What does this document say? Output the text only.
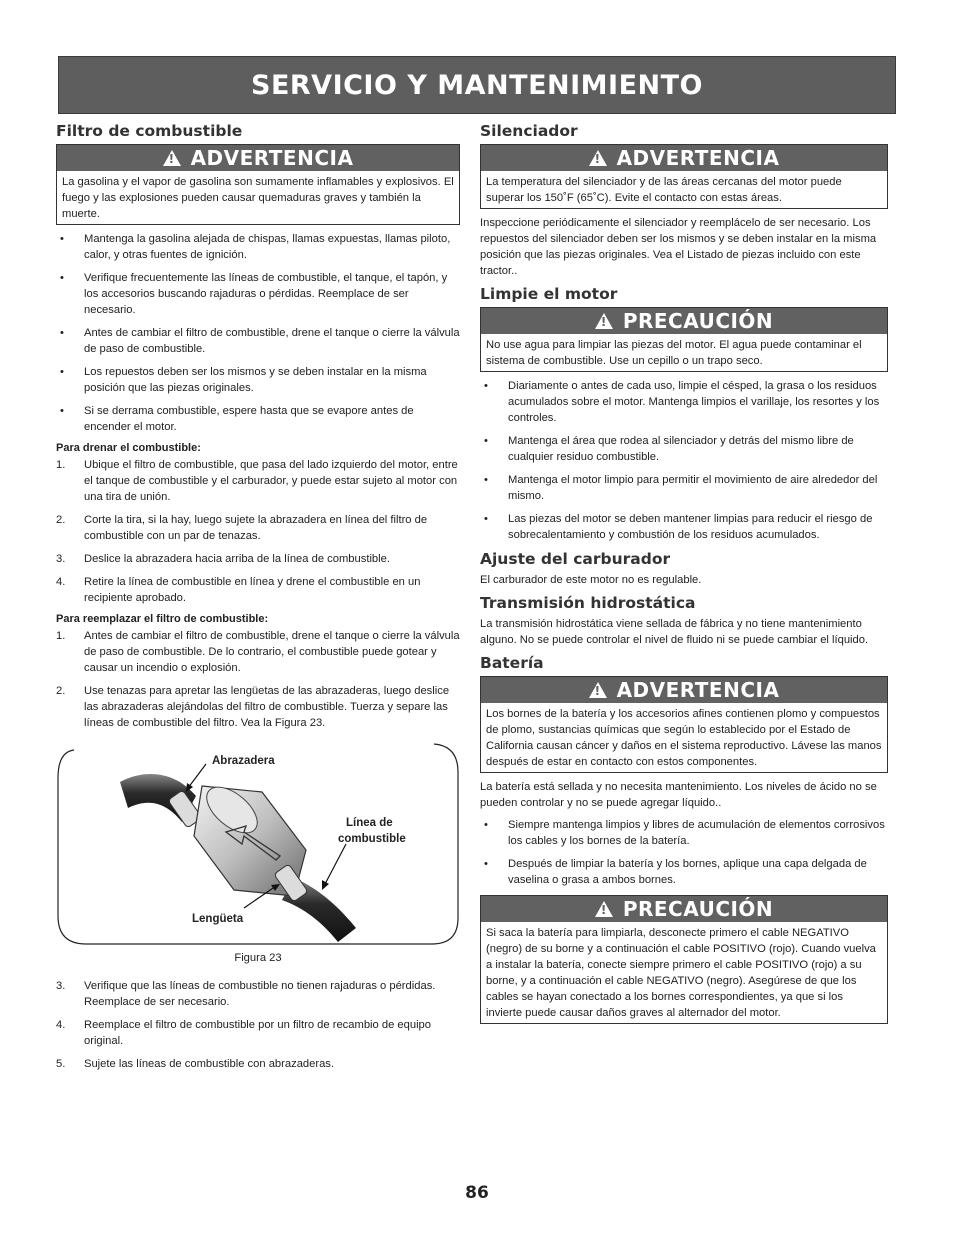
SERVICIO Y MANTENIMIENTO
Filtro de combustible
!
ADVERTENCIA
La gasolina y el vapor de gasolina son sumamente inflamables y explosivos. El fuego y las explosiones pueden causar quemaduras graves y también la muerte.
• Mantenga la gasolina alejada de chispas, llamas expuestas, llamas piloto, calor, y otras fuentes de ignición.
• Verifique frecuentemente las líneas de combustible, el tanque, el tapón, y los accesorios buscando rajaduras o pérdidas. Reemplace de ser necesario.
• Antes de cambiar el filtro de combustible, drene el tanque o cierre la válvula de paso de combustible.
• Los repuestos deben ser los mismos y se deben instalar en la misma posición que las piezas originales.
• Si se derrama combustible, espere hasta que se evapore antes de encender el motor.
Para drenar el combustible:
1. Ubique el filtro de combustible, que pasa del lado izquierdo del motor, entre el tanque de combustible y el carburador, y puede estar sujeto al motor con una tira de unión.
2. Corte la tira, si la hay, luego sujete la abrazadera en línea del filtro de combustible con un par de tenazas.
3. Deslice la abrazadera hacia arriba de la línea de combustible.
4. Retire la línea de combustible en línea y drene el combustible en un recipiente aprobado.
Para reemplazar el filtro de combustible:
1. Antes de cambiar el filtro de combustible, drene el tanque o cierre la válvula de paso de combustible. De lo contrario, el combustible puede gotear y causar un incendio o explosión.
2. Use tenazas para apretar las lengüetas de las abrazaderas, luego deslice las abrazaderas alejándolas del filtro de combustible. Tuerza y separe las líneas de combustible del filtro. Vea la Figura 23.
Abrazadera
Línea de
combustible
Lengüeta
Figura 23
3. Verifique que las líneas de combustible no tienen rajaduras o pérdidas. Reemplace de ser necesario.
4. Reemplace el filtro de combustible por un filtro de recambio de equipo original.
5. Sujete las líneas de combustible con abrazaderas.
Silenciador
!
ADVERTENCIA
La temperatura del silenciador y de las áreas cercanas del motor puede superar los 150˚F (65˚C). Evite el contacto con estas áreas.

Inspeccione periódicamente el silenciador y reemplácelo de ser necesario. Los repuestos del silenciador deben ser los mismos y se deben instalar en la misma posición que las piezas originales. Vea el Listado de piezas incluido con este tractor..

Limpie el motor
!
PRECAUCIÓN
No use agua para limpiar las piezas del motor. El agua puede contaminar el sistema de combustible. Use un cepillo o un trapo seco.
• Diariamente o antes de cada uso, limpie el césped, la grasa o los residuos acumulados sobre el motor. Mantenga limpios el varillaje, los resortes y los controles.
• Mantenga el área que rodea al silenciador y detrás del mismo libre de cualquier residuo combustible.
• Mantenga el motor limpio para permitir el movimiento de aire alrededor del mismo.
• Las piezas del motor se deben mantener limpias para reducir el riesgo de sobrecalentamiento y combustión de los residuos acumulados.
Ajuste del carburador

El carburador de este motor no es regulable.

Transmisión hidrostática

La transmisión hidrostática viene sellada de fábrica y no tiene mantenimiento alguno. No se puede controlar el nivel de fluido ni se puede cambiar el líquido.

Batería
!
ADVERTENCIA
Los bornes de la batería y los accesorios afines contienen plomo y compuestos de plomo, sustancias químicas que según lo establecido por el Estado de California causan cáncer y daños en el sistema reproductivo. Lávese las manos después de estar en contacto con estos componentes.

La batería está sellada y no necesita mantenimiento. Los niveles de ácido no se pueden controlar y no se puede agregar líquido..

• Siempre mantenga limpios y libres de acumulación de elementos corrosivos los cables y los bornes de la batería.
• Después de limpiar la batería y los bornes, aplique una capa delgada de vaselina o grasa a ambos bornes.
!
PRECAUCIÓN
Si saca la batería para limpiarla, desconecte primero el cable NEGATIVO (negro) de su borne y a continuación el cable POSITIVO (rojo). Cuando vuelva a instalar la batería, conecte siempre primero el cable POSITIVO (rojo) a su borne, y a continuación el cable NEGATIVO (negro). Asegúrese de que los cables se hayan conectado a los bornes correspondientes, ya que si los invierte puede causar daños graves al alternador del motor.
86
